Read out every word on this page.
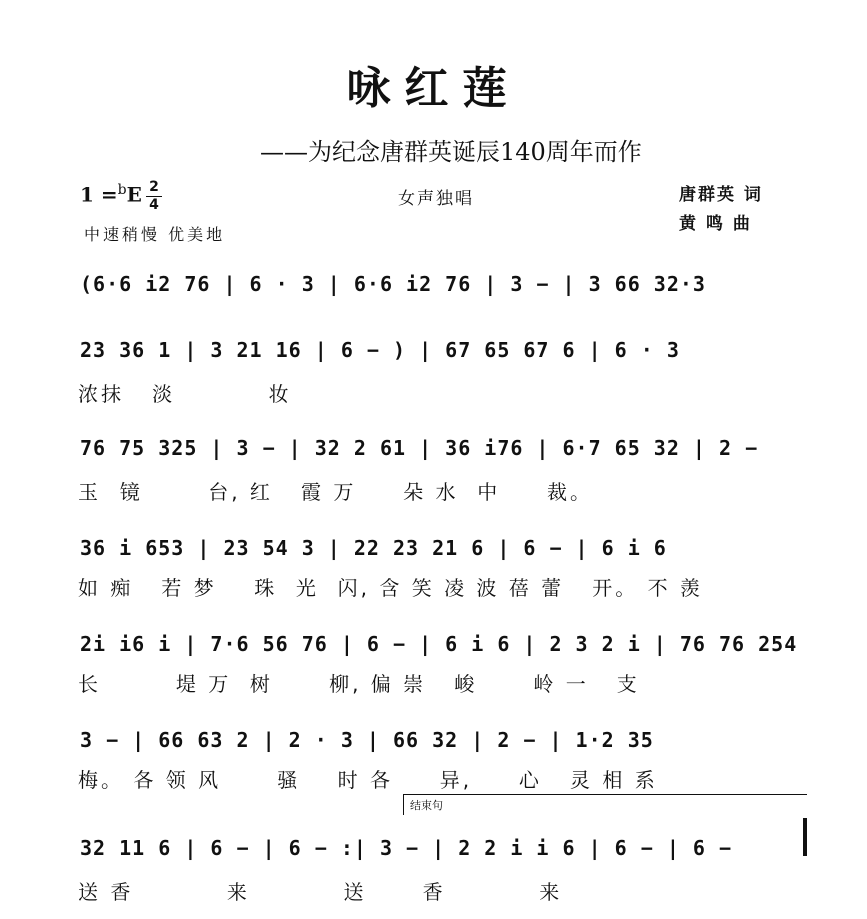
咏红莲
——为纪念唐群英诞辰140周年而作
1 =$^b$E 2
4
中速稍慢 优美地
女声独唱	唐群英 词
黄 鸣 曲
(6·6 i2 76 | 6 · 3 | 6·6 i2 76 | 3 − | 3 66 32·3
23 36 1 | 3 21 16 | 6 − ) | 67 65 67 6 | 6 · 3
浓抹   淡          妆
76 75 325 | 3 − | 32 2 61 | 36 i76 | 6·7 65 32 | 2 −
玉  镜       台, 红   霞 万     朵 水  中     裁。
36 i 653 | 23 54 3 | 22 23 21 6 | 6 − | 6 i 6
如 痴   若 梦    珠  光  闪, 含 笑 凌 波 蓓 蕾   开。 不 羡
2i i6 i | 7·6 56 76 | 6 − | 6 i 6 | 2 3 2 i | 76 76 254
长        堤 万  树      柳, 偏 崇   峻      岭 一   支
3 − | 66 63 2 | 2 · 3 | 66 32 | 2 − | 1·2 35
梅。 各 领 风      骚    时 各     异,     心   灵 相 系
结束句
32 11 6 | 6 − | 6 − :| 3 − | 2 2 i i 6 | 6 − | 6 −
送 香          来          送      香          来
